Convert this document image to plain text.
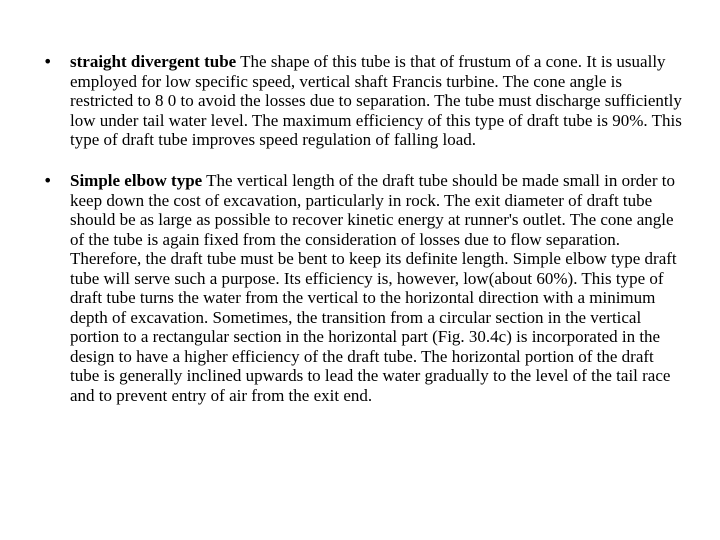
• straight divergent tube The shape of this tube is that of frustum of a cone. It is usually employed for low specific speed, vertical shaft Francis turbine. The cone angle is restricted to 8 0 to avoid the losses due to separation. The tube must discharge sufficiently low under tail water level. The maximum efficiency of this type of draft tube is 90%. This type of draft tube improves speed regulation of falling load.
• Simple elbow type The vertical length of the draft tube should be made small in order to keep down the cost of excavation, particularly in rock. The exit diameter of draft tube should be as large as possible to recover kinetic energy at runner's outlet. The cone angle of the tube is again fixed from the consideration of losses due to flow separation. Therefore, the draft tube must be bent to keep its definite length. Simple elbow type draft tube will serve such a purpose. Its efficiency is, however, low(about 60%). This type of draft tube turns the water from the vertical to the horizontal direction with a minimum depth of excavation. Sometimes, the transition from a circular section in the vertical portion to a rectangular section in the horizontal part (Fig. 30.4c) is incorporated in the design to have a higher efficiency of the draft tube. The horizontal portion of the draft tube is generally inclined upwards to lead the water gradually to the level of the tail race and to prevent entry of air from the exit end.
